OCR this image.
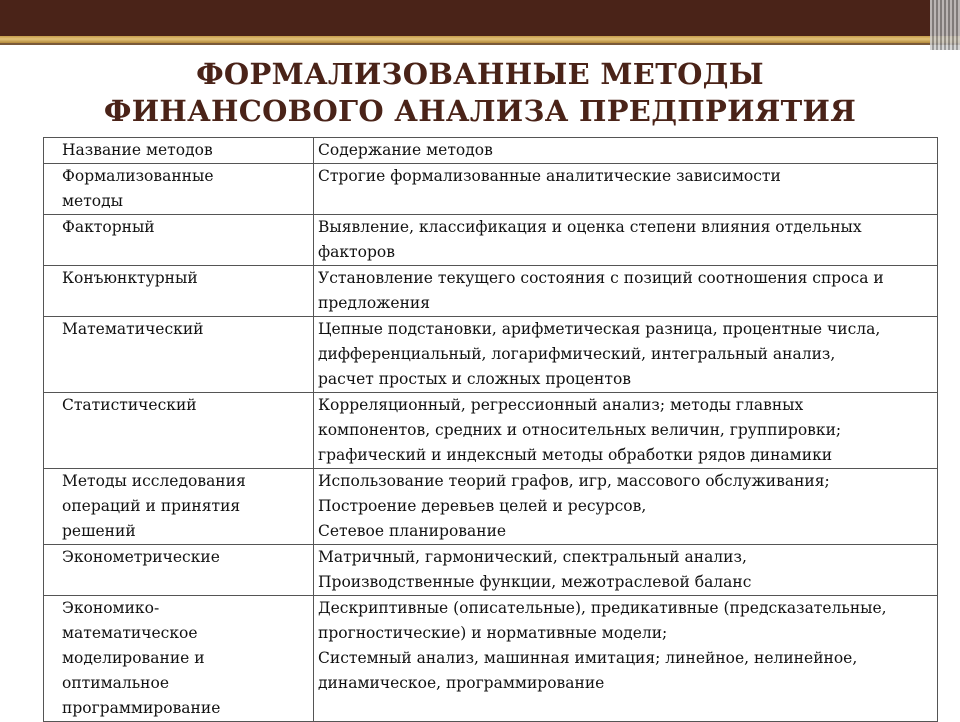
ФОРМАЛИЗОВАННЫЕ МЕТОДЫ
ФИНАНСОВОГО АНАЛИЗА ПРЕДПРИЯТИЯ
Название методов	Содержание методов

Формализованные
методы	Строгие формализованные аналитические зависимости

Факторный	Выявление, классификация и оценка степени влияния отдельных
факторов

Конъюнктурный	Установление текущего состояния с позиций соотношения спроса и
предложения

Математический	Цепные подстановки, арифметическая разница, процентные числа,
дифференциальный, логарифмический, интегральный анализ,
расчет простых и сложных процентов

Статистический	Корреляционный, регрессионный анализ; методы главных
компонентов, средних и относительных величин, группировки;
графический и индексный методы обработки рядов динамики

Методы исследования
операций и принятия
решений	Использование теорий графов, игр, массового обслуживания;
Построение деревьев целей и ресурсов,
Сетевое планирование

Эконометрические	Матричный, гармонический, спектральный анализ,
Производственные функции, межотраслевой баланс

Экономико-
математическое
моделирование и
оптимальное
программирование	Дескриптивные (описательные), предикативные (предсказательные,
прогностические) и нормативные модели;
Системный анализ, машинная имитация; линейное, нелинейное,
динамическое, программирование
